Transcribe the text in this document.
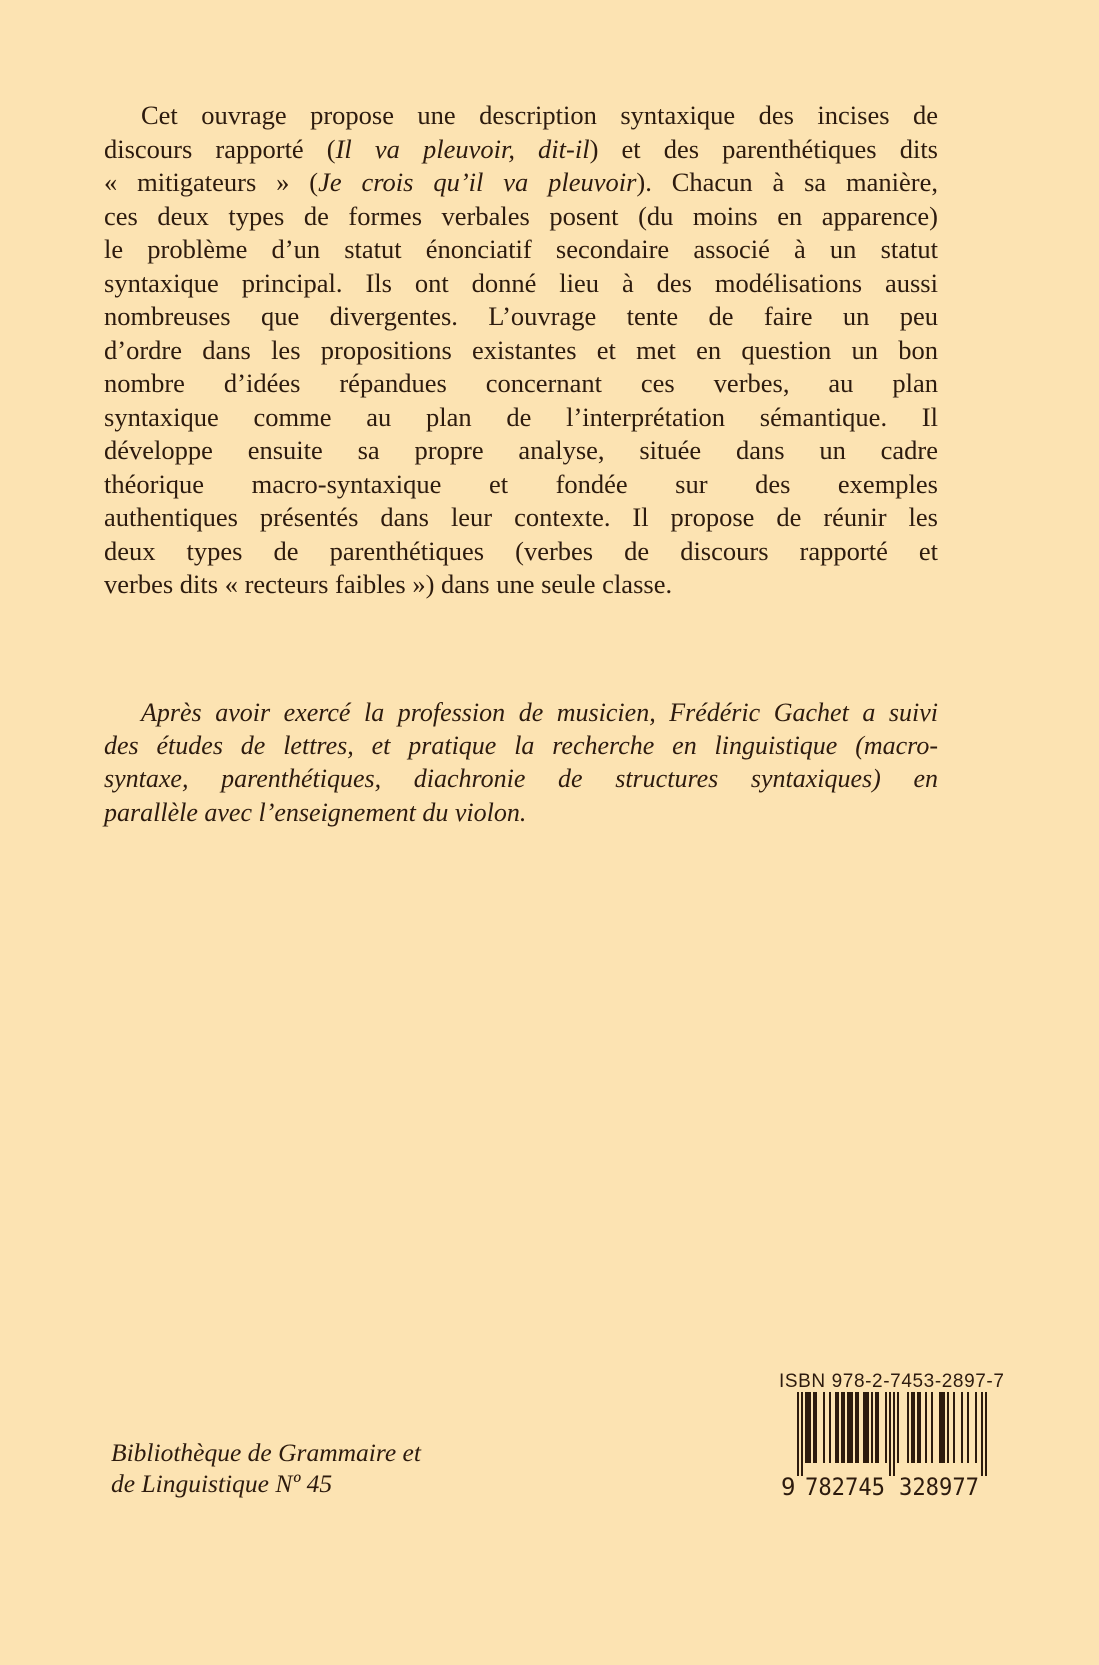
Cet ouvrage propose une description syntaxique des incises de
discours rapporté (Il va pleuvoir, dit-il) et des parenthétiques dits
« mitigateurs » (Je crois qu’il va pleuvoir). Chacun à sa manière,
ces deux types de formes verbales posent (du moins en apparence)
le problème d’un statut énonciatif secondaire associé à un statut
syntaxique principal. Ils ont donné lieu à des modélisations aussi
nombreuses que divergentes. L’ouvrage tente de faire un peu
d’ordre dans les propositions existantes et met en question un bon
nombre d’idées répandues concernant ces verbes, au plan
syntaxique comme au plan de l’interprétation sémantique. Il
développe ensuite sa propre analyse, située dans un cadre
théorique macro-syntaxique et fondée sur des exemples
authentiques présentés dans leur contexte. Il propose de réunir les
deux types de parenthétiques (verbes de discours rapporté et
verbes dits « recteurs faibles ») dans une seule classe.
Après avoir exercé la profession de musicien, Frédéric Gachet a suivi
des études de lettres, et pratique la recherche en linguistique (macro-
syntaxe, parenthétiques, diachronie de structures syntaxiques) en
parallèle avec l’enseignement du violon.
Bibliothèque de Grammaire et
de Linguistique Nº 45
ISBN 978-2-7453-2897-7
9 782745 328977
